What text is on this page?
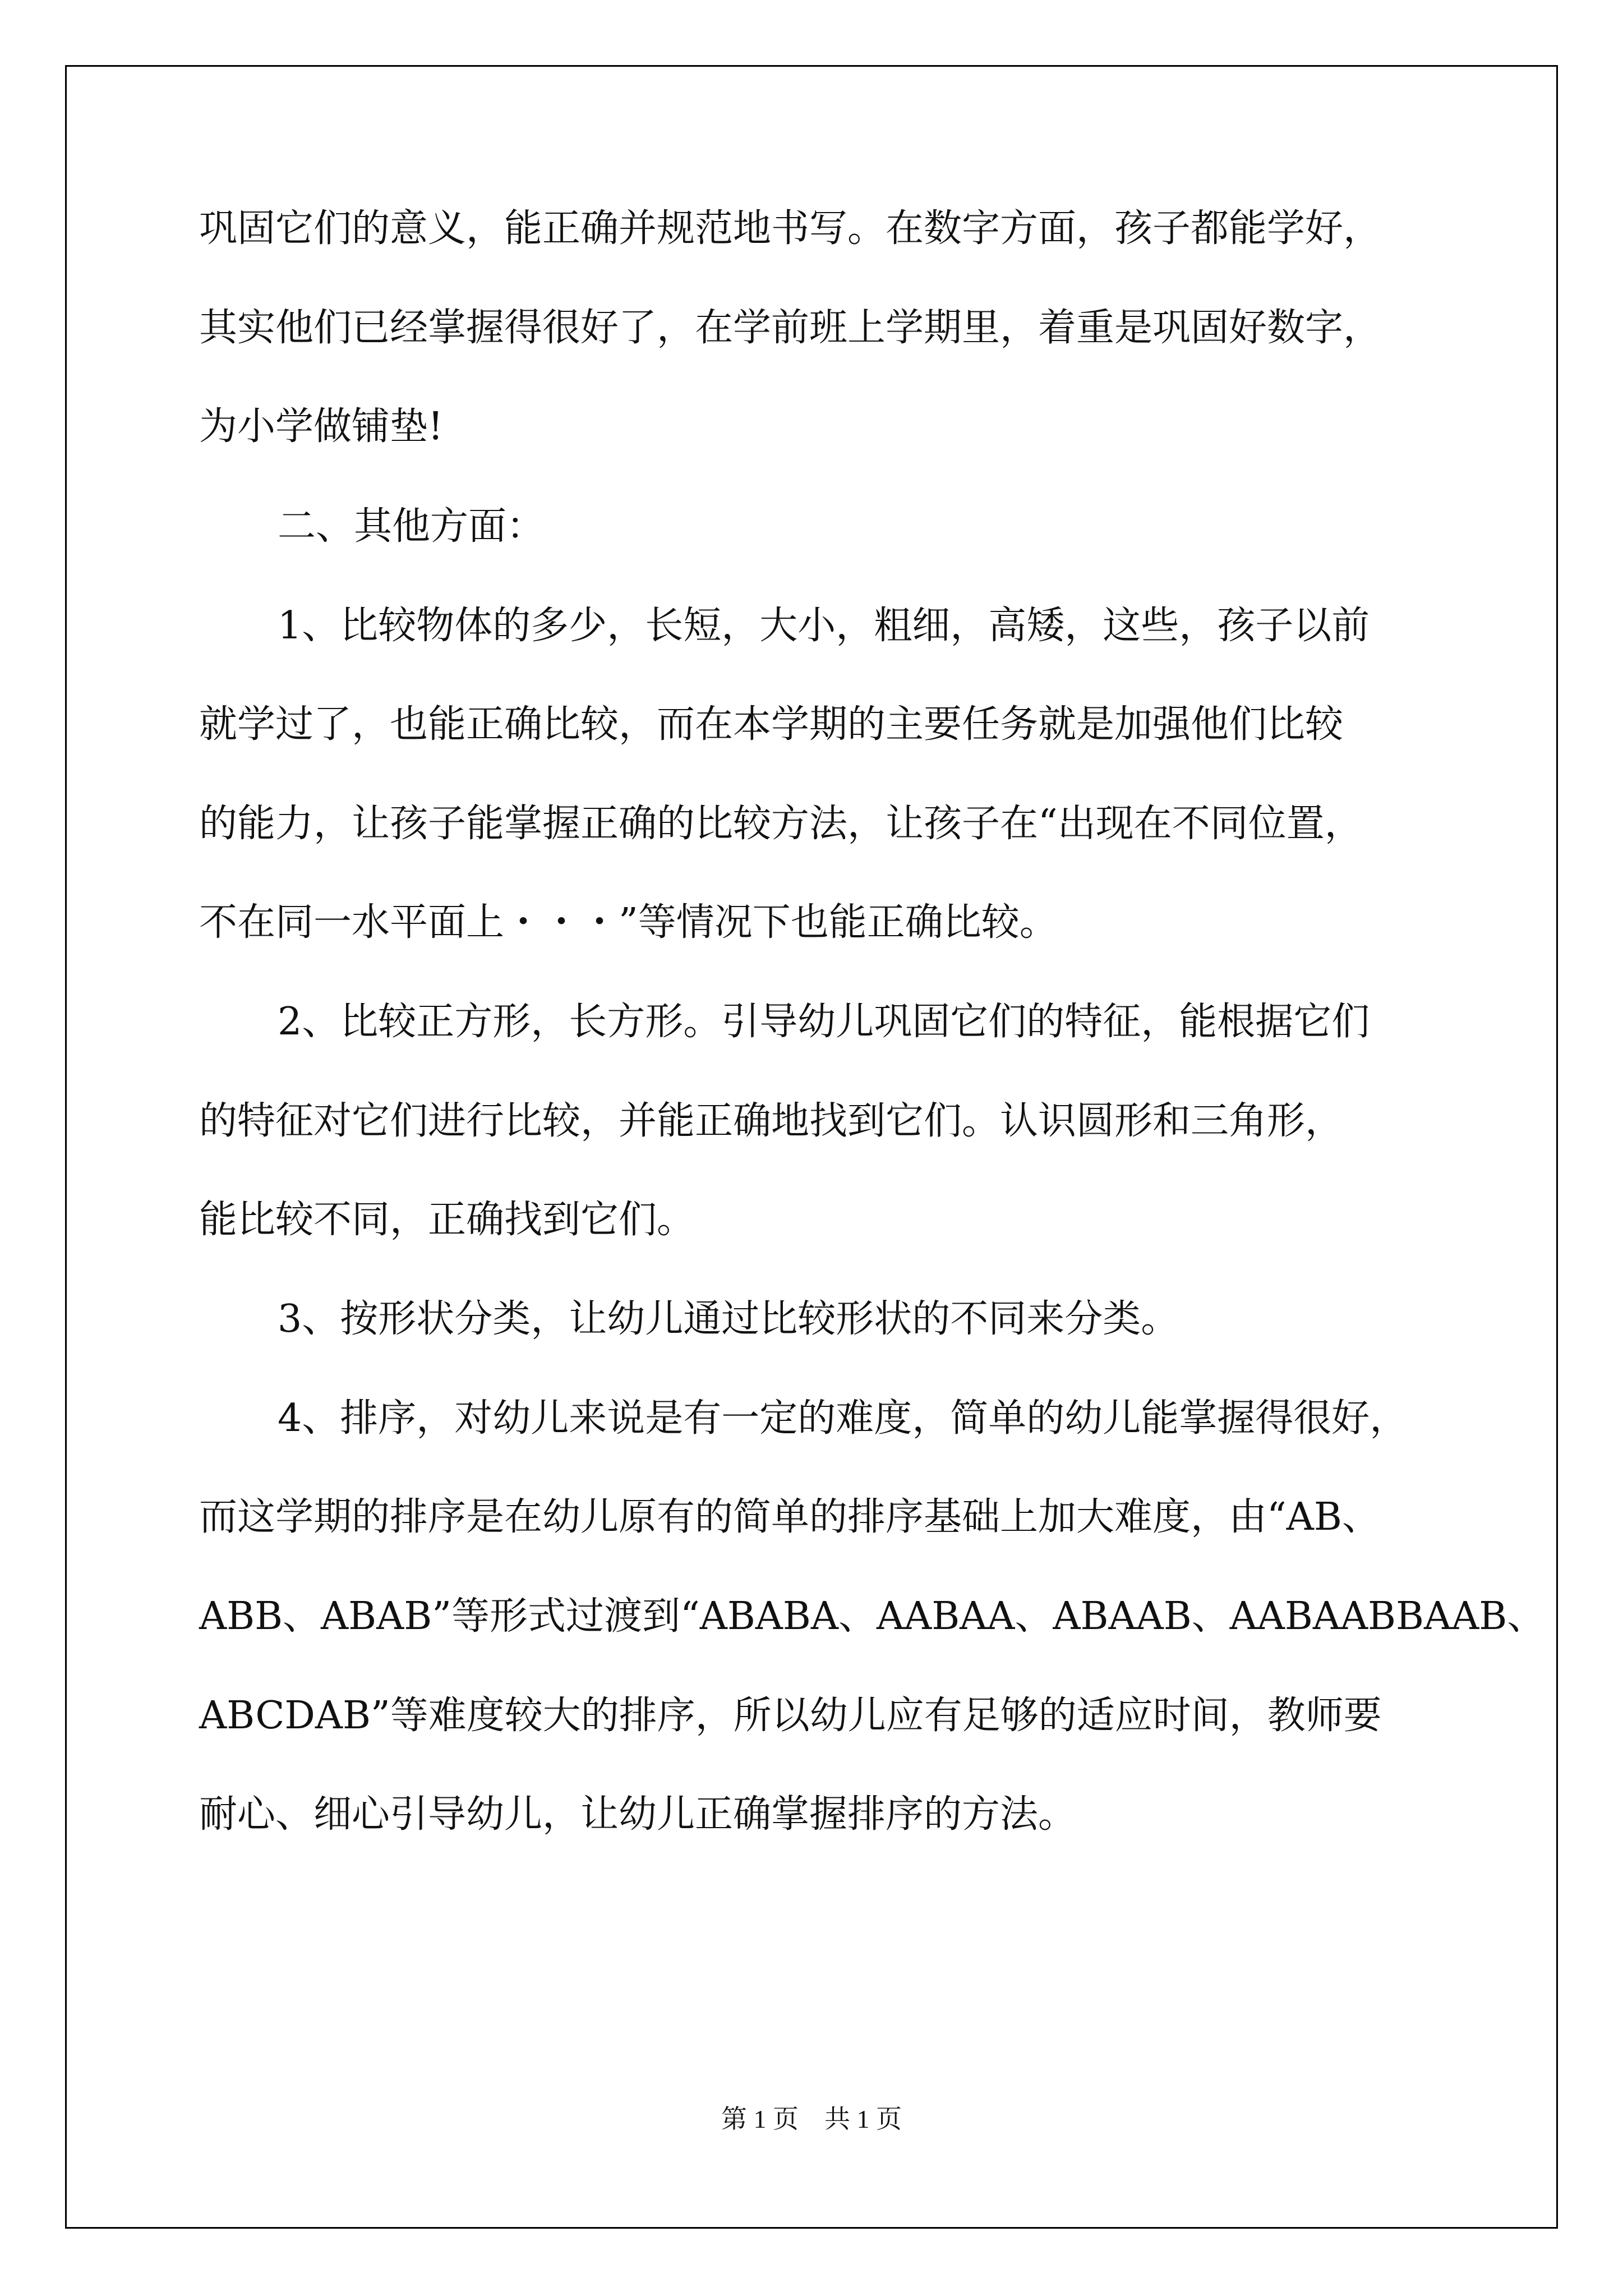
巩固它们的意义，能正确并规范地书写。在数字方面，孩子都能学好，
其实他们已经掌握得很好了，在学前班上学期里，着重是巩固好数字，
为小学做铺垫!
二、其他方面：
1、比较物体的多少，长短，大小，粗细，高矮，这些，孩子以前
就学过了，也能正确比较，而在本学期的主要任务就是加强他们比较
的能力，让孩子能掌握正确的比较方法，让孩子在“出现在不同位置，
不在同一水平面上・・・”等情况下也能正确比较。
2、比较正方形，长方形。引导幼儿巩固它们的特征，能根据它们
的特征对它们进行比较，并能正确地找到它们。认识圆形和三角形，
能比较不同，正确找到它们。
3、按形状分类，让幼儿通过比较形状的不同来分类。
4、排序，对幼儿来说是有一定的难度，简单的幼儿能掌握得很好，
而这学期的排序是在幼儿原有的简单的排序基础上加大难度，由“AB、
ABB、ABAB”等形式过渡到“ABABA、AABAA、ABAAB、AABAABBAAB、
ABCDAB”等难度较大的排序，所以幼儿应有足够的适应时间，教师要
耐心、细心引导幼儿，让幼儿正确掌握排序的方法。
第 1 页 共 1 页
